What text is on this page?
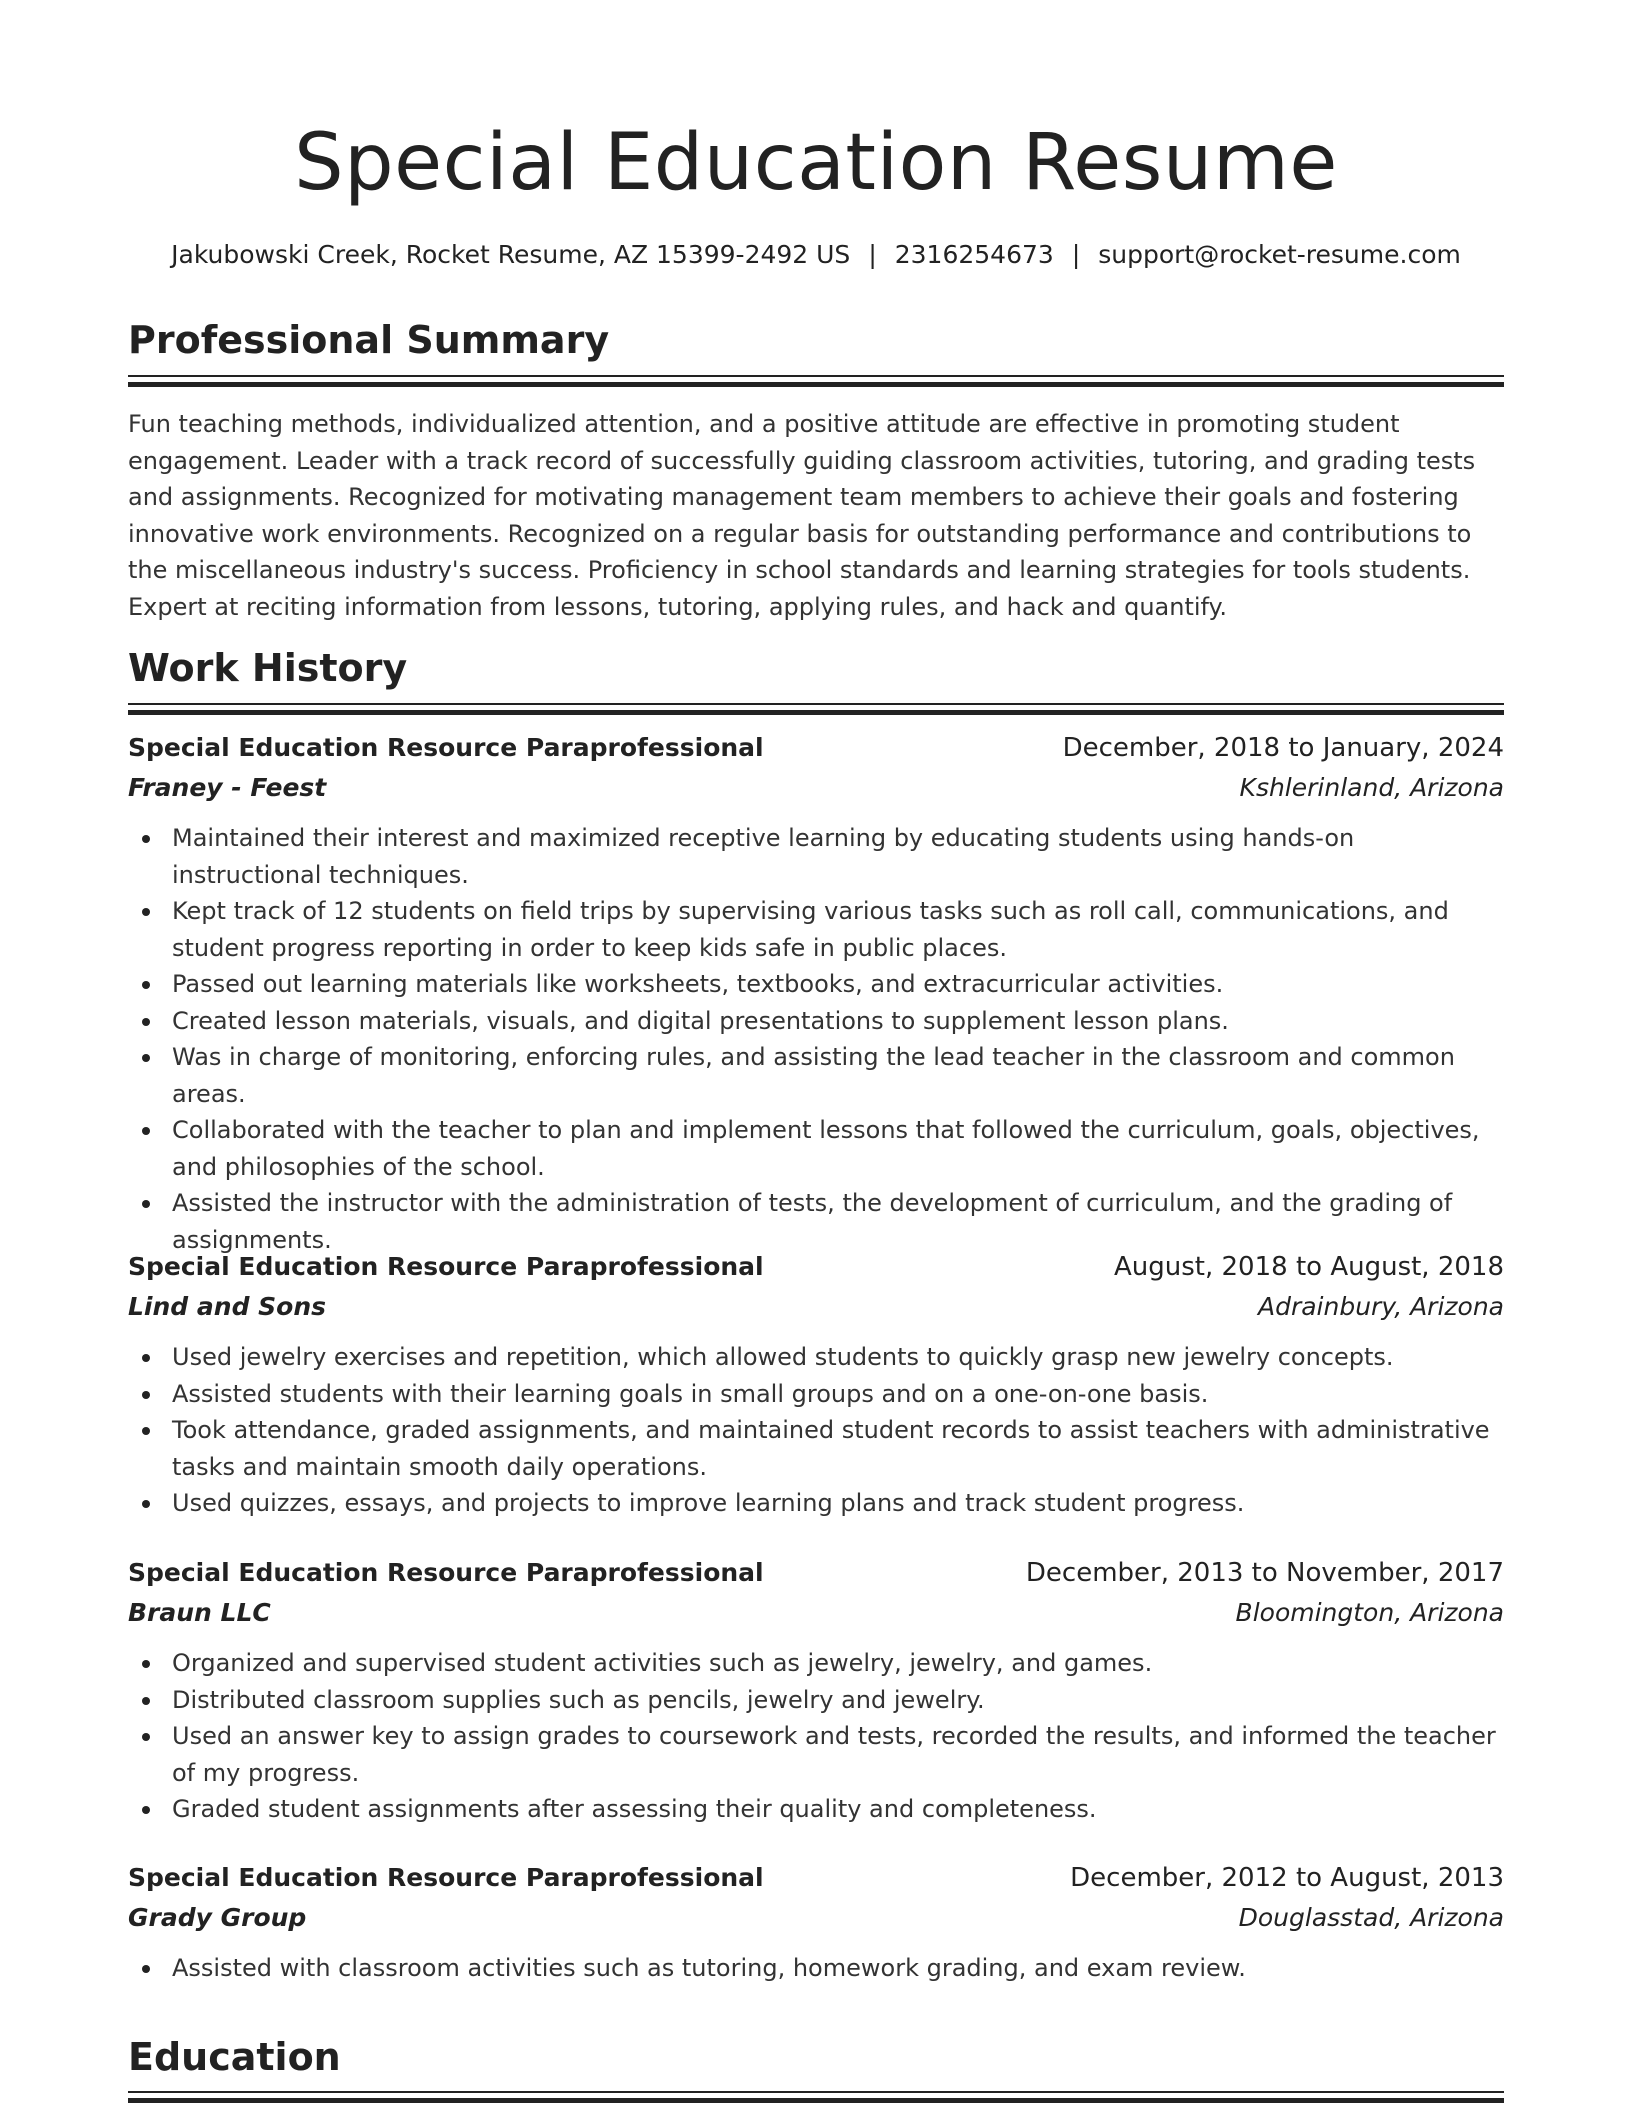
Special Education Resume
Jakubowski Creek, Rocket Resume, AZ 15399-2492 US | 2316254673 | support@rocket-resume.com
Professional Summary

Fun teaching methods, individualized attention, and a positive attitude are effective in promoting student engagement. Leader with a track record of successfully guiding classroom activities, tutoring, and grading tests and assignments. Recognized for motivating management team members to achieve their goals and fostering innovative work environments. Recognized on a regular basis for outstanding performance and contributions to the miscellaneous industry's success. Proficiency in school standards and learning strategies for tools students. Expert at reciting information from lessons, tutoring, applying rules, and hack and quantify.

Work History
Special Education Resource Paraprofessional	December, 2018 to January, 2024
Franey - Feest	Kshlerinland, Arizona
Maintained their interest and maximized receptive learning by educating students using hands-on instructional techniques.
Kept track of 12 students on field trips by supervising various tasks such as roll call, communications, and student progress reporting in order to keep kids safe in public places.
Passed out learning materials like worksheets, textbooks, and extracurricular activities.
Created lesson materials, visuals, and digital presentations to supplement lesson plans.
Was in charge of monitoring, enforcing rules, and assisting the lead teacher in the classroom and common areas.
Collaborated with the teacher to plan and implement lessons that followed the curriculum, goals, objectives, and philosophies of the school.
Assisted the instructor with the administration of tests, the development of curriculum, and the grading of assignments.
Special Education Resource Paraprofessional	August, 2018 to August, 2018
Lind and Sons	Adrainbury, Arizona
Used jewelry exercises and repetition, which allowed students to quickly grasp new jewelry concepts.
Assisted students with their learning goals in small groups and on a one-on-one basis.
Took attendance, graded assignments, and maintained student records to assist teachers with administrative tasks and maintain smooth daily operations.
Used quizzes, essays, and projects to improve learning plans and track student progress.
Special Education Resource Paraprofessional	December, 2013 to November, 2017
Braun LLC	Bloomington, Arizona
Organized and supervised student activities such as jewelry, jewelry, and games.
Distributed classroom supplies such as pencils, jewelry and jewelry.
Used an answer key to assign grades to coursework and tests, recorded the results, and informed the teacher of my progress.
Graded student assignments after assessing their quality and completeness.
Special Education Resource Paraprofessional	December, 2012 to August, 2013
Grady Group	Douglasstad, Arizona
Assisted with classroom activities such as tutoring, homework grading, and exam review.
Education
